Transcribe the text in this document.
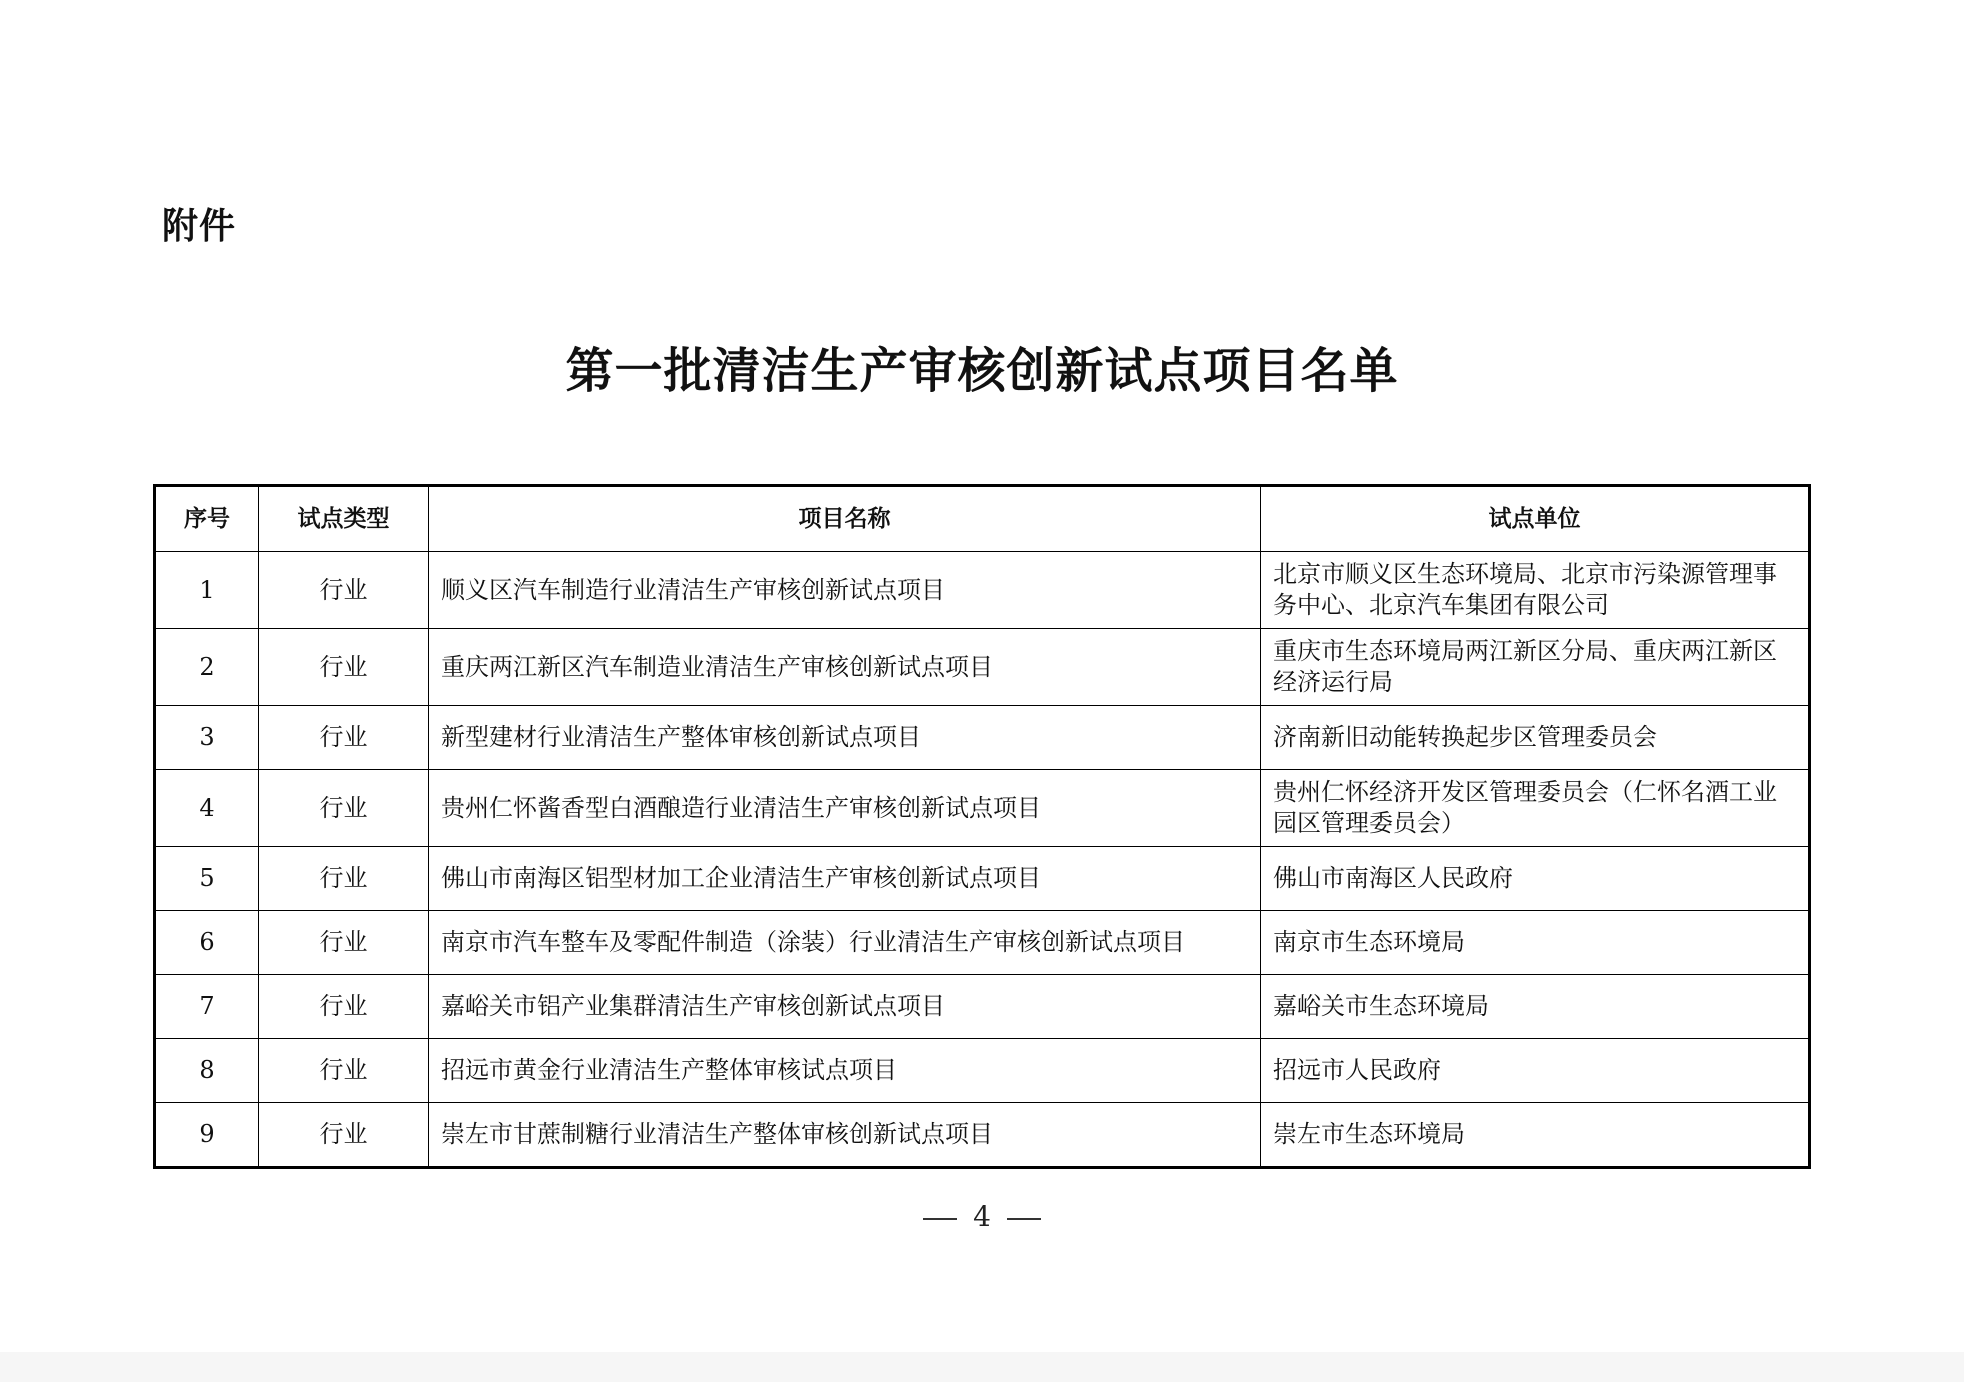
附件
第一批清洁生产审核创新试点项目名单
序号	试点类型	项目名称	试点单位
1	行业	顺义区汽车制造行业清洁生产审核创新试点项目	北京市顺义区生态环境局、北京市污染源管理事务中心、北京汽车集团有限公司
2	行业	重庆两江新区汽车制造业清洁生产审核创新试点项目	重庆市生态环境局两江新区分局、重庆两江新区经济运行局
3	行业	新型建材行业清洁生产整体审核创新试点项目	济南新旧动能转换起步区管理委员会
4	行业	贵州仁怀酱香型白酒酿造行业清洁生产审核创新试点项目	贵州仁怀经济开发区管理委员会（仁怀名酒工业园区管理委员会）
5	行业	佛山市南海区铝型材加工企业清洁生产审核创新试点项目	佛山市南海区人民政府
6	行业	南京市汽车整车及零配件制造（涂装）行业清洁生产审核创新试点项目	南京市生态环境局
7	行业	嘉峪关市铝产业集群清洁生产审核创新试点项目	嘉峪关市生态环境局
8	行业	招远市黄金行业清洁生产整体审核试点项目	招远市人民政府
9	行业	崇左市甘蔗制糖行业清洁生产整体审核创新试点项目	崇左市生态环境局
4
